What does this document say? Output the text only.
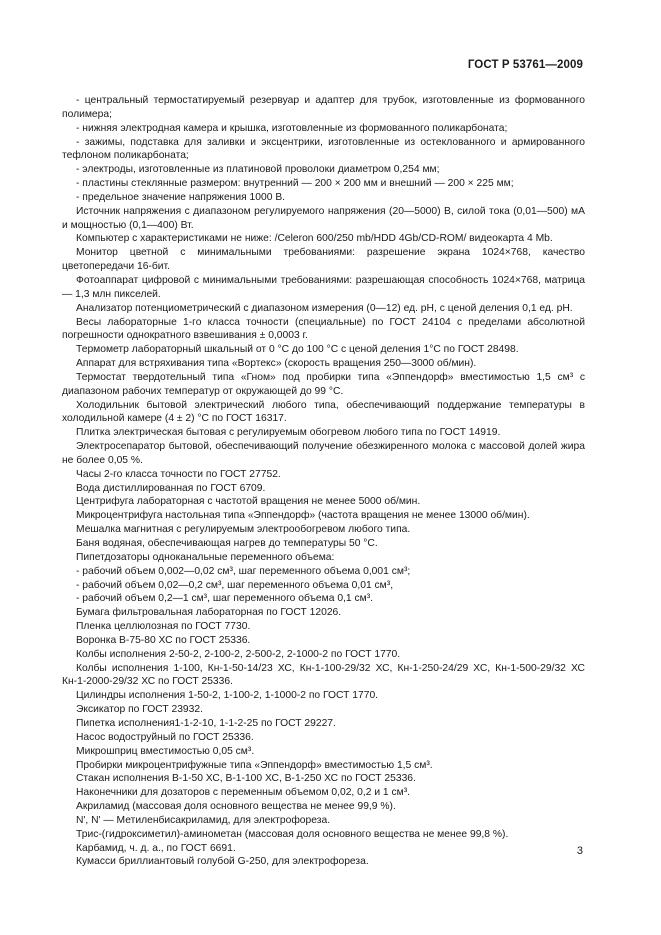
ГОСТ Р 53761—2009

- центральный термостатируемый резервуар и адаптер для трубок, изготовленные из формованного полимера;

- нижняя электродная камера и крышка, изготовленные из формованного поликарбоната;

- зажимы, подставка для заливки и эксцентрики, изготовленные из остеклованного и армированного тефлоном поликарбоната;

- электроды, изготовленные из платиновой проволоки диаметром 0,254 мм;

- пластины стеклянные размером: внутренний — 200 × 200 мм и внешний — 200 × 225 мм;

- предельное значение напряжения 1000 В.

Источник напряжения с диапазоном регулируемого напряжения (20—5000) В, силой тока (0,01—500) мА и мощностью (0,1—400) Вт.

Компьютер с характеристиками не ниже: /Celeron 600/250 mb/HDD 4Gb/CD-ROM/ видеокарта 4 Mb.

Монитор цветной с минимальными требованиями: разрешение экрана 1024×768, качество цветопередачи 16-бит.

Фотоаппарат цифровой с минимальными требованиями: разрешающая способность 1024×768, матрица — 1,3 млн пикселей.

Анализатор потенциометрический с диапазоном измерения (0—12) ед. pH, с ценой деления 0,1 ед. pH.

Весы лабораторные 1-го класса точности (специальные) по ГОСТ 24104 с пределами абсолютной погрешности однократного взвешивания ± 0,0003 г.

Термометр лабораторный шкальный от 0 °С до 100 °С с ценой деления 1°С по ГОСТ 28498.

Аппарат для встряхивания типа «Вортекс» (скорость вращения 250—3000 об/мин).

Термостат твердотельный типа «Гном» под пробирки типа «Эппендорф» вместимостью 1,5 см³ с диапазоном рабочих температур от окружающей до 99 °С.

Холодильник бытовой электрический любого типа, обеспечивающий поддержание температуры в холодильной камере (4 ± 2) °С по ГОСТ 16317.

Плитка электрическая бытовая с регулируемым обогревом любого типа по ГОСТ 14919.

Электросепаратор бытовой, обеспечивающий получение обезжиренного молока с массовой долей жира не более 0,05 %.

Часы 2-го класса точности по ГОСТ 27752.

Вода дистиллированная по ГОСТ 6709.

Центрифуга лабораторная с частотой вращения не менее 5000 об/мин.

Микроцентрифуга настольная типа «Эппендорф» (частота вращения не менее 13000 об/мин).

Мешалка магнитная с регулируемым электрообогревом любого типа.

Баня водяная, обеспечивающая нагрев до температуры 50 °С.

Пипетдозаторы одноканальные переменного объема:

- рабочий объем 0,002—0,02 см³, шаг переменного объема 0,001 см³;

- рабочий объем 0,02—0,2 см³, шаг переменного объема 0,01 см³,

- рабочий объем 0,2—1 см³, шаг переменного объема 0,1 см³.

Бумага фильтровальная лабораторная по ГОСТ 12026.

Пленка целлюлозная по ГОСТ 7730.

Воронка В-75-80 ХС по ГОСТ 25336.

Колбы исполнения 2-50-2, 2-100-2, 2-500-2, 2-1000-2 по ГОСТ 1770.

Колбы исполнения 1-100, Кн-1-50-14/23 ХС, Кн-1-100-29/32 ХС, Кн-1-250-24/29 ХС, Кн-1-500-29/32 ХС Кн-1-2000-29/32 ХС по ГОСТ 25336.

Цилиндры исполнения 1-50-2, 1-100-2, 1-1000-2 по ГОСТ 1770.

Эксикатор по ГОСТ 23932.

Пипетка исполнения1-1-2-10, 1-1-2-25 по ГОСТ 29227.

Насос водоструйный по ГОСТ 25336.

Микрошприц вместимостью 0,05 см³.

Пробирки микроцентрифужные типа «Эппендорф» вместимостью 1,5 см³.

Стакан исполнения В-1-50 ХС, В-1-100 ХС, В-1-250 ХС по ГОСТ 25336.

Наконечники для дозаторов с переменным объемом 0,02, 0,2 и 1 см³.

Акриламид (массовая доля основного вещества не менее 99,9 %).

N', N' — Метиленбисакриламид, для электрофореза.

Трис-(гидроксиметил)-аминометан (массовая доля основного вещества не менее 99,8 %).

Карбамид, ч. д. а., по ГОСТ 6691.

Кумасси бриллиантовый голубой G-250, для электрофореза.

3
